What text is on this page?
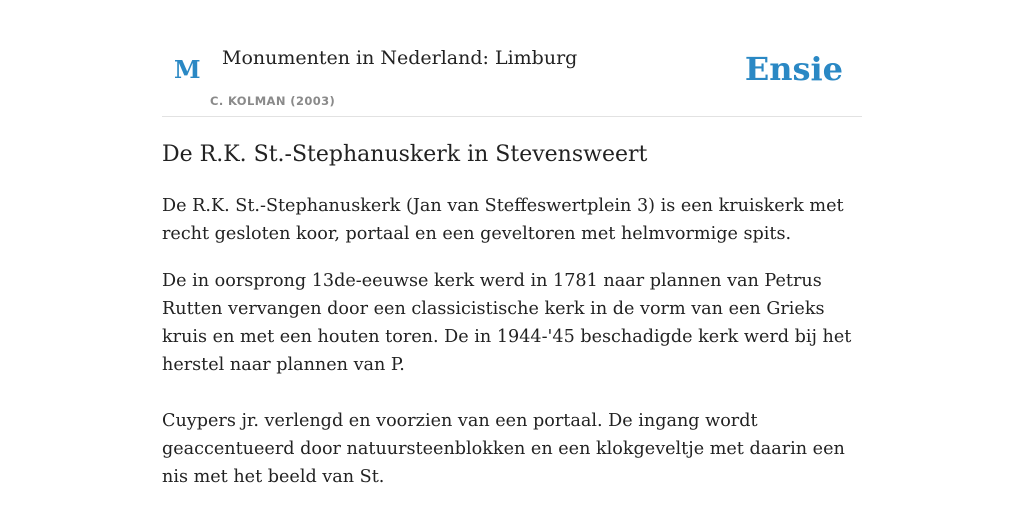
M Monumenten in Nederland: Limburg
C. KOLMAN (2003)
Ensie
De R.K. St.-Stephanuskerk in Stevensweert

De R.K. St.-Stephanuskerk (Jan van Steffeswertplein 3) is een kruiskerk met recht gesloten koor, portaal en een geveltoren met helmvormige spits.

De in oorsprong 13de-eeuwse kerk werd in 1781 naar plannen van Petrus Rutten vervangen door een classicistische kerk in de vorm van een Grieks kruis en met een houten toren. De in 1944-'45 beschadigde kerk werd bij het herstel naar plannen van P.

Cuypers jr. verlengd en voorzien van een portaal. De ingang wordt geaccentueerd door natuursteenblokken en een klokgeveltje met daarin een nis met het beeld van St.
